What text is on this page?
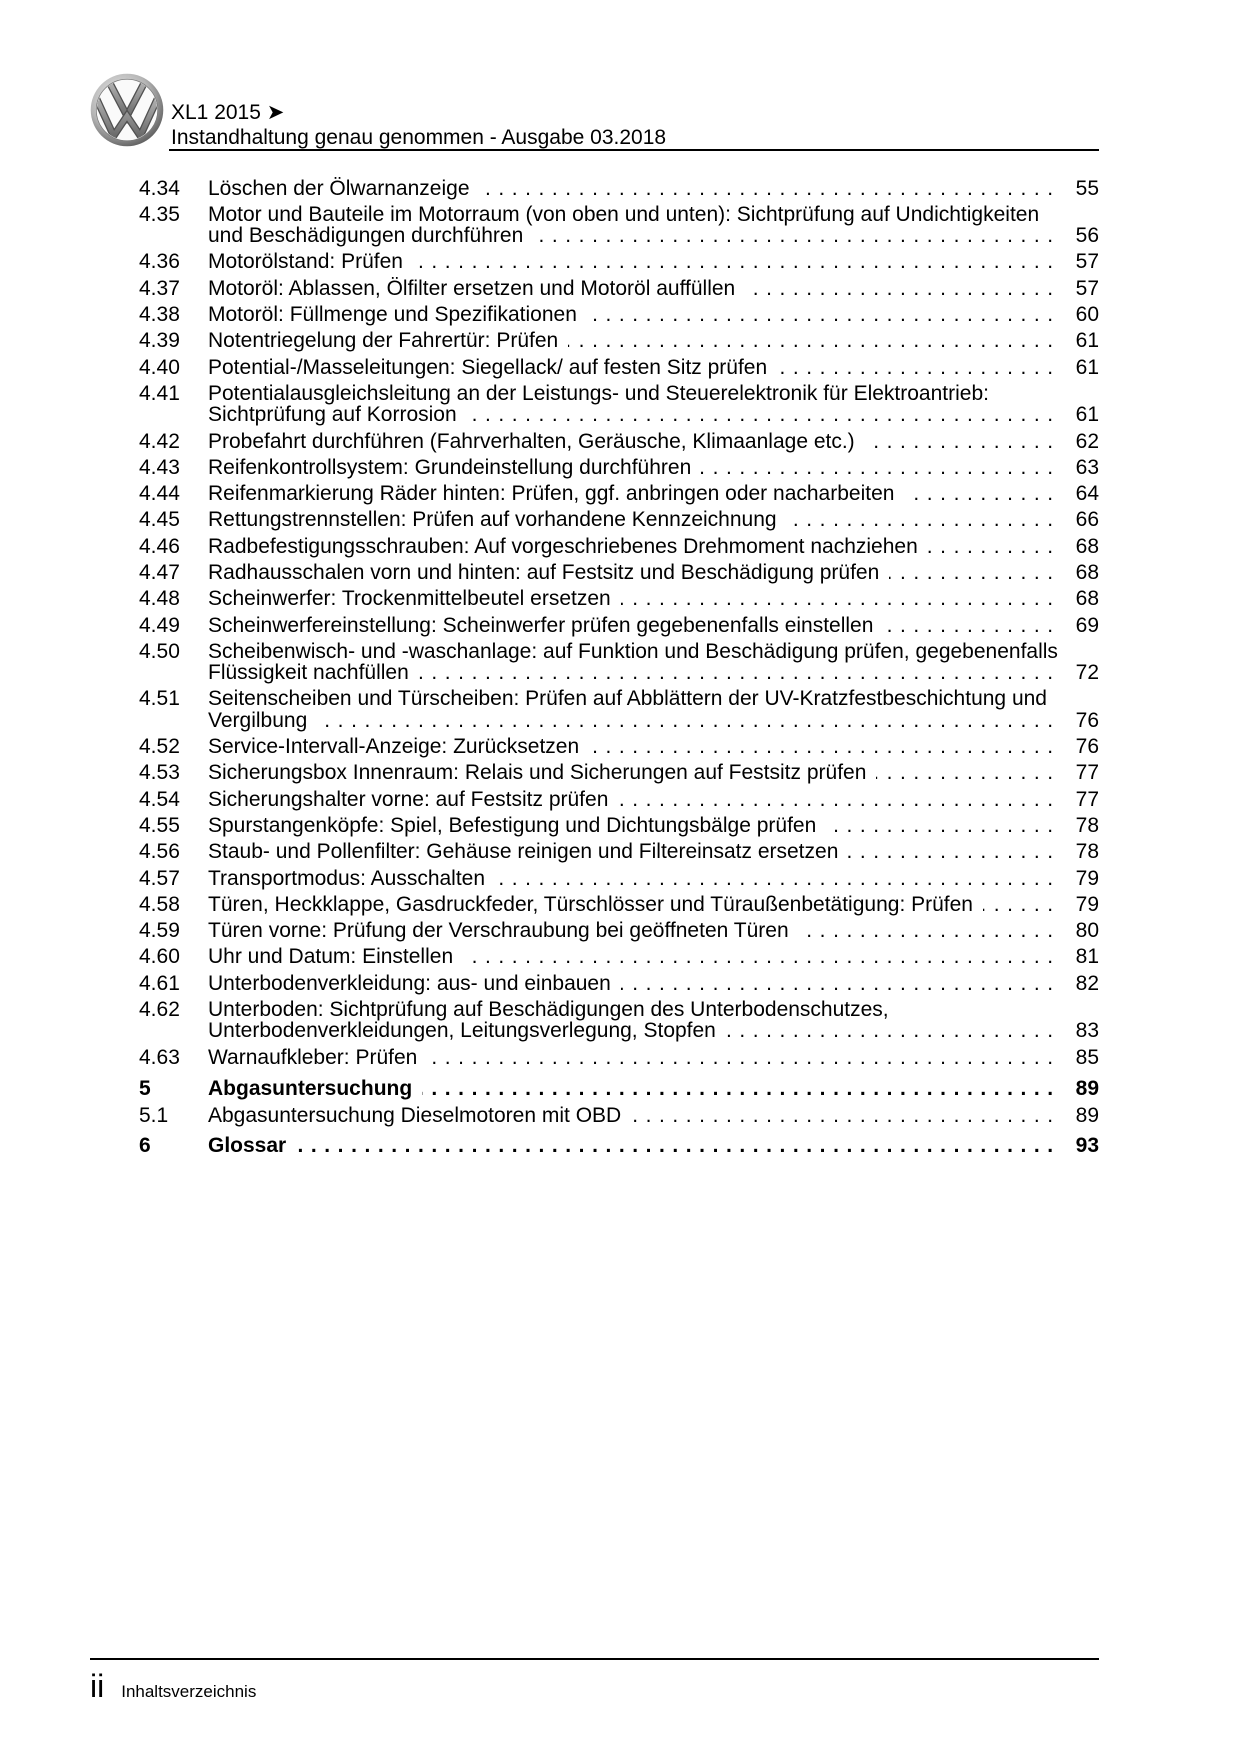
XL1 2015 ➤
Instandhaltung genau genommen - Ausgabe 03.2018
4.34	Löschen der Ölwarnanzeige . . .	55
4.35	Motor und Bauteile im Motorraum (von oben und unten): Sichtprüfung auf Undichtigkeiten
und Beschädigungen durchführen . . .	56
4.36	Motorölstand: Prüfen . . .	57
4.37	Motoröl: Ablassen, Ölfilter ersetzen und Motoröl auffüllen . . .	57
4.38	Motoröl: Füllmenge und Spezifikationen . . .	60
4.39	Notentriegelung der Fahrertür: Prüfen . . .	61
4.40	Potential-/Masseleitungen: Siegellack/ auf festen Sitz prüfen . . .	61
4.41	Potentialausgleichsleitung an der Leistungs- und Steuerelektronik für Elektroantrieb:
Sichtprüfung auf Korrosion . . .	61
4.42	Probefahrt durchführen (Fahrverhalten, Geräusche, Klimaanlage etc.) . . .	62
4.43	Reifenkontrollsystem: Grundeinstellung durchführen . . .	63
4.44	Reifenmarkierung Räder hinten: Prüfen, ggf. anbringen oder nacharbeiten . . .	64
4.45	Rettungstrennstellen: Prüfen auf vorhandene Kennzeichnung . . .	66
4.46	Radbefestigungsschrauben: Auf vorgeschriebenes Drehmoment nachziehen . . .	68
4.47	Radhausschalen vorn und hinten: auf Festsitz und Beschädigung prüfen . . .	68
4.48	Scheinwerfer: Trockenmittelbeutel ersetzen . . .	68
4.49	Scheinwerfereinstellung: Scheinwerfer prüfen gegebenenfalls einstellen . . .	69
4.50	Scheibenwisch- und -waschanlage: auf Funktion und Beschädigung prüfen, gegebenenfalls
Flüssigkeit nachfüllen . . .	72
4.51	Seitenscheiben und Türscheiben: Prüfen auf Abblättern der UV-Kratzfestbeschichtung und
Vergilbung . . .	76
4.52	Service-Intervall-Anzeige: Zurücksetzen . . .	76
4.53	Sicherungsbox Innenraum: Relais und Sicherungen auf Festsitz prüfen . . .	77
4.54	Sicherungshalter vorne: auf Festsitz prüfen . . .	77
4.55	Spurstangenköpfe: Spiel, Befestigung und Dichtungsbälge prüfen . . .	78
4.56	Staub- und Pollenfilter: Gehäuse reinigen und Filtereinsatz ersetzen . . .	78
4.57	Transportmodus: Ausschalten . . .	79
4.58	Türen, Heckklappe, Gasdruckfeder, Türschlösser und Türaußenbetätigung: Prüfen . . .	79
4.59	Türen vorne: Prüfung der Verschraubung bei geöffneten Türen . . .	80
4.60	Uhr und Datum: Einstellen . . .	81
4.61	Unterbodenverkleidung: aus- und einbauen . . .	82
4.62	Unterboden: Sichtprüfung auf Beschädigungen des Unterbodenschutzes,
Unterbodenverkleidungen, Leitungsverlegung, Stopfen . . .	83
4.63	Warnaufkleber: Prüfen . . .	85
5	Abgasuntersuchung . . .	89
5.1	Abgasuntersuchung Dieselmotoren mit OBD . . .	89
6	Glossar . . .	93
ii Inhaltsverzeichnis
